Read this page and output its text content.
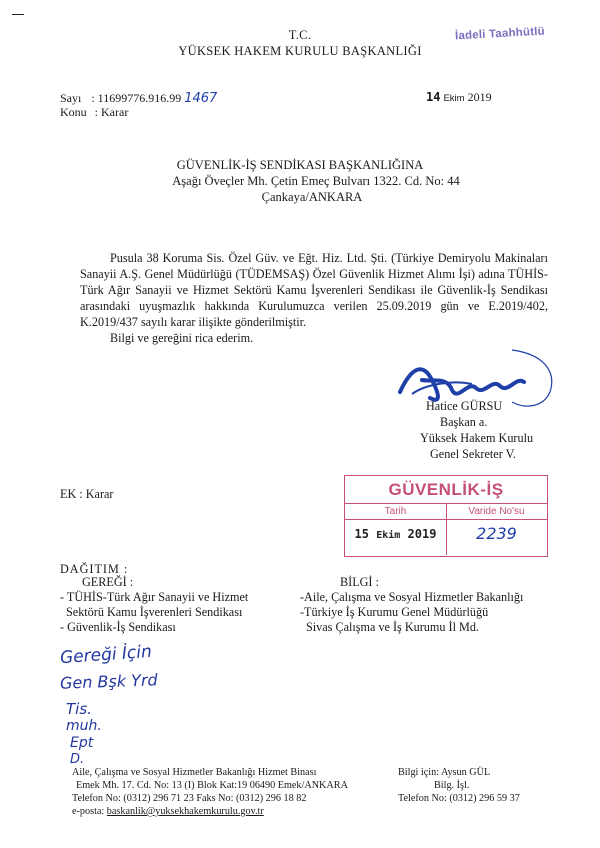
T.C.
YÜKSEK HAKEM KURULU BAŞKANLIĞI
İadeli Taahhütlü
Sayı : 11699776.916.99 1467
Konu : Karar
14 Ekim 2019
GÜVENLİK-İŞ SENDİKASI BAŞKANLIĞINA
Aşağı Öveçler Mh. Çetin Emeç Bulvarı 1322. Cd. No: 44
Çankaya/ANKARA
Pusula 38 Koruma Sis. Özel Güv. ve Eğt. Hiz. Ltd. Şti. (Türkiye Demiryolu Makinaları Sanayii A.Ş. Genel Müdürlüğü (TÜDEMSAŞ) Özel Güvenlik Hizmet Alımı İşi) adına TÜHİS-Türk Ağır Sanayii ve Hizmet Sektörü Kamu İşverenleri Sendikası ile Güvenlik-İş Sendikası arasındaki uyuşmazlık hakkında Kurulumuzca verilen 25.09.2019 gün ve E.2019/402, K.2019/437 sayılı karar ilişikte gönderilmiştir.
Bilgi ve gereğini rica ederim.
Hatice GÜRSU
Başkan a.
Yüksek Hakem Kurulu
Genel Sekreter V.
EK : Karar	GÜVENLİK-İŞ
Tarih	Varide No'su
15 Ekim 2019	2239
DAĞITIM :
GEREĞİ :
- TÜHİS-Türk Ağır Sanayii ve Hizmet
Sektörü Kamu İşverenleri Sendikası
- Güvenlik-İş Sendikası
BİLGİ :
-Aile, Çalışma ve Sosyal Hizmetler Bakanlığı
-Türkiye İş Kurumu Genel Müdürlüğü
Sivas Çalışma ve İş Kurumu İl Md.
Gereği İçin
Gen Bşk Yrd
Tis.
muh.
Ept
D.
Aile, Çalışma ve Sosyal Hizmetler Bakanlığı Hizmet Binası
Emek Mh. 17. Cd. No: 13 (I) Blok Kat:19 06490 Emek/ANKARA
Telefon No: (0312) 296 71 23 Faks No: (0312) 296 18 82
e-posta: baskanlik@yuksekhakemkurulu.gov.tr
Bilgi için: Aysun GÜL
Bilg. İşl.
Telefon No: (0312) 296 59 37
